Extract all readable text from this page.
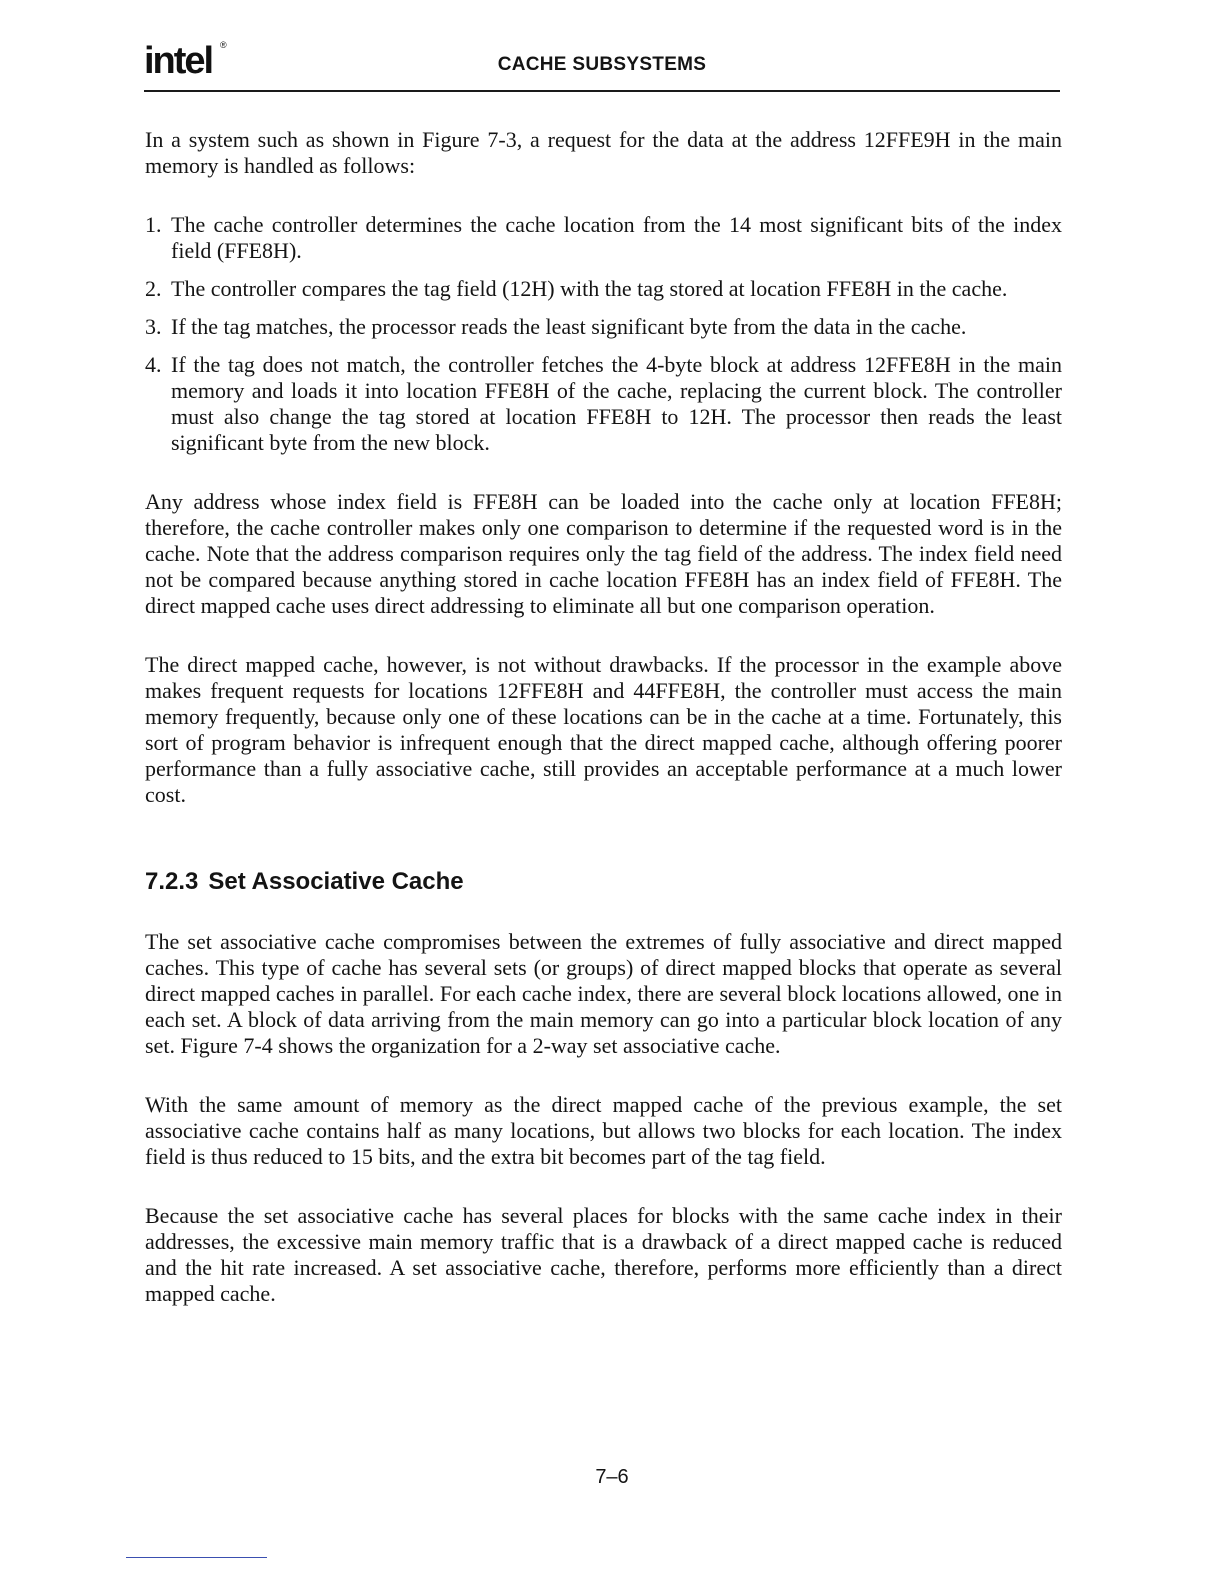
intel ®
CACHE SUBSYSTEMS

In a system such as shown in Figure 7-3, a request for the data at the address 12FFE9H in the main memory is handled as follows:

1. The cache controller determines the cache location from the 14 most significant bits of the index field (FFE8H).
2. The controller compares the tag field (12H) with the tag stored at location FFE8H in the cache.
3. If the tag matches, the processor reads the least significant byte from the data in the cache.
4. If the tag does not match, the controller fetches the 4-byte block at address 12FFE8H in the main memory and loads it into location FFE8H of the cache, replacing the current block. The controller must also change the tag stored at location FFE8H to 12H. The processor then reads the least significant byte from the new block.

Any address whose index field is FFE8H can be loaded into the cache only at location FFE8H; therefore, the cache controller makes only one comparison to determine if the requested word is in the cache. Note that the address comparison requires only the tag field of the address. The index field need not be compared because anything stored in cache location FFE8H has an index field of FFE8H. The direct mapped cache uses direct addressing to eliminate all but one comparison operation.

The direct mapped cache, however, is not without drawbacks. If the processor in the example above makes frequent requests for locations 12FFE8H and 44FFE8H, the controller must access the main memory frequently, because only one of these locations can be in the cache at a time. Fortunately, this sort of program behavior is infrequent enough that the direct mapped cache, although offering poorer performance than a fully associative cache, still provides an acceptable performance at a much lower cost.

7.2.3 Set Associative Cache

The set associative cache compromises between the extremes of fully associative and direct mapped caches. This type of cache has several sets (or groups) of direct mapped blocks that operate as several direct mapped caches in parallel. For each cache index, there are several block locations allowed, one in each set. A block of data arriving from the main memory can go into a particular block location of any set. Figure 7-4 shows the organization for a 2-way set associative cache.

With the same amount of memory as the direct mapped cache of the previous example, the set associative cache contains half as many locations, but allows two blocks for each location. The index field is thus reduced to 15 bits, and the extra bit becomes part of the tag field.

Because the set associative cache has several places for blocks with the same cache index in their addresses, the excessive main memory traffic that is a drawback of a direct mapped cache is reduced and the hit rate increased. A set associative cache, therefore, performs more efficiently than a direct mapped cache.

7–6
